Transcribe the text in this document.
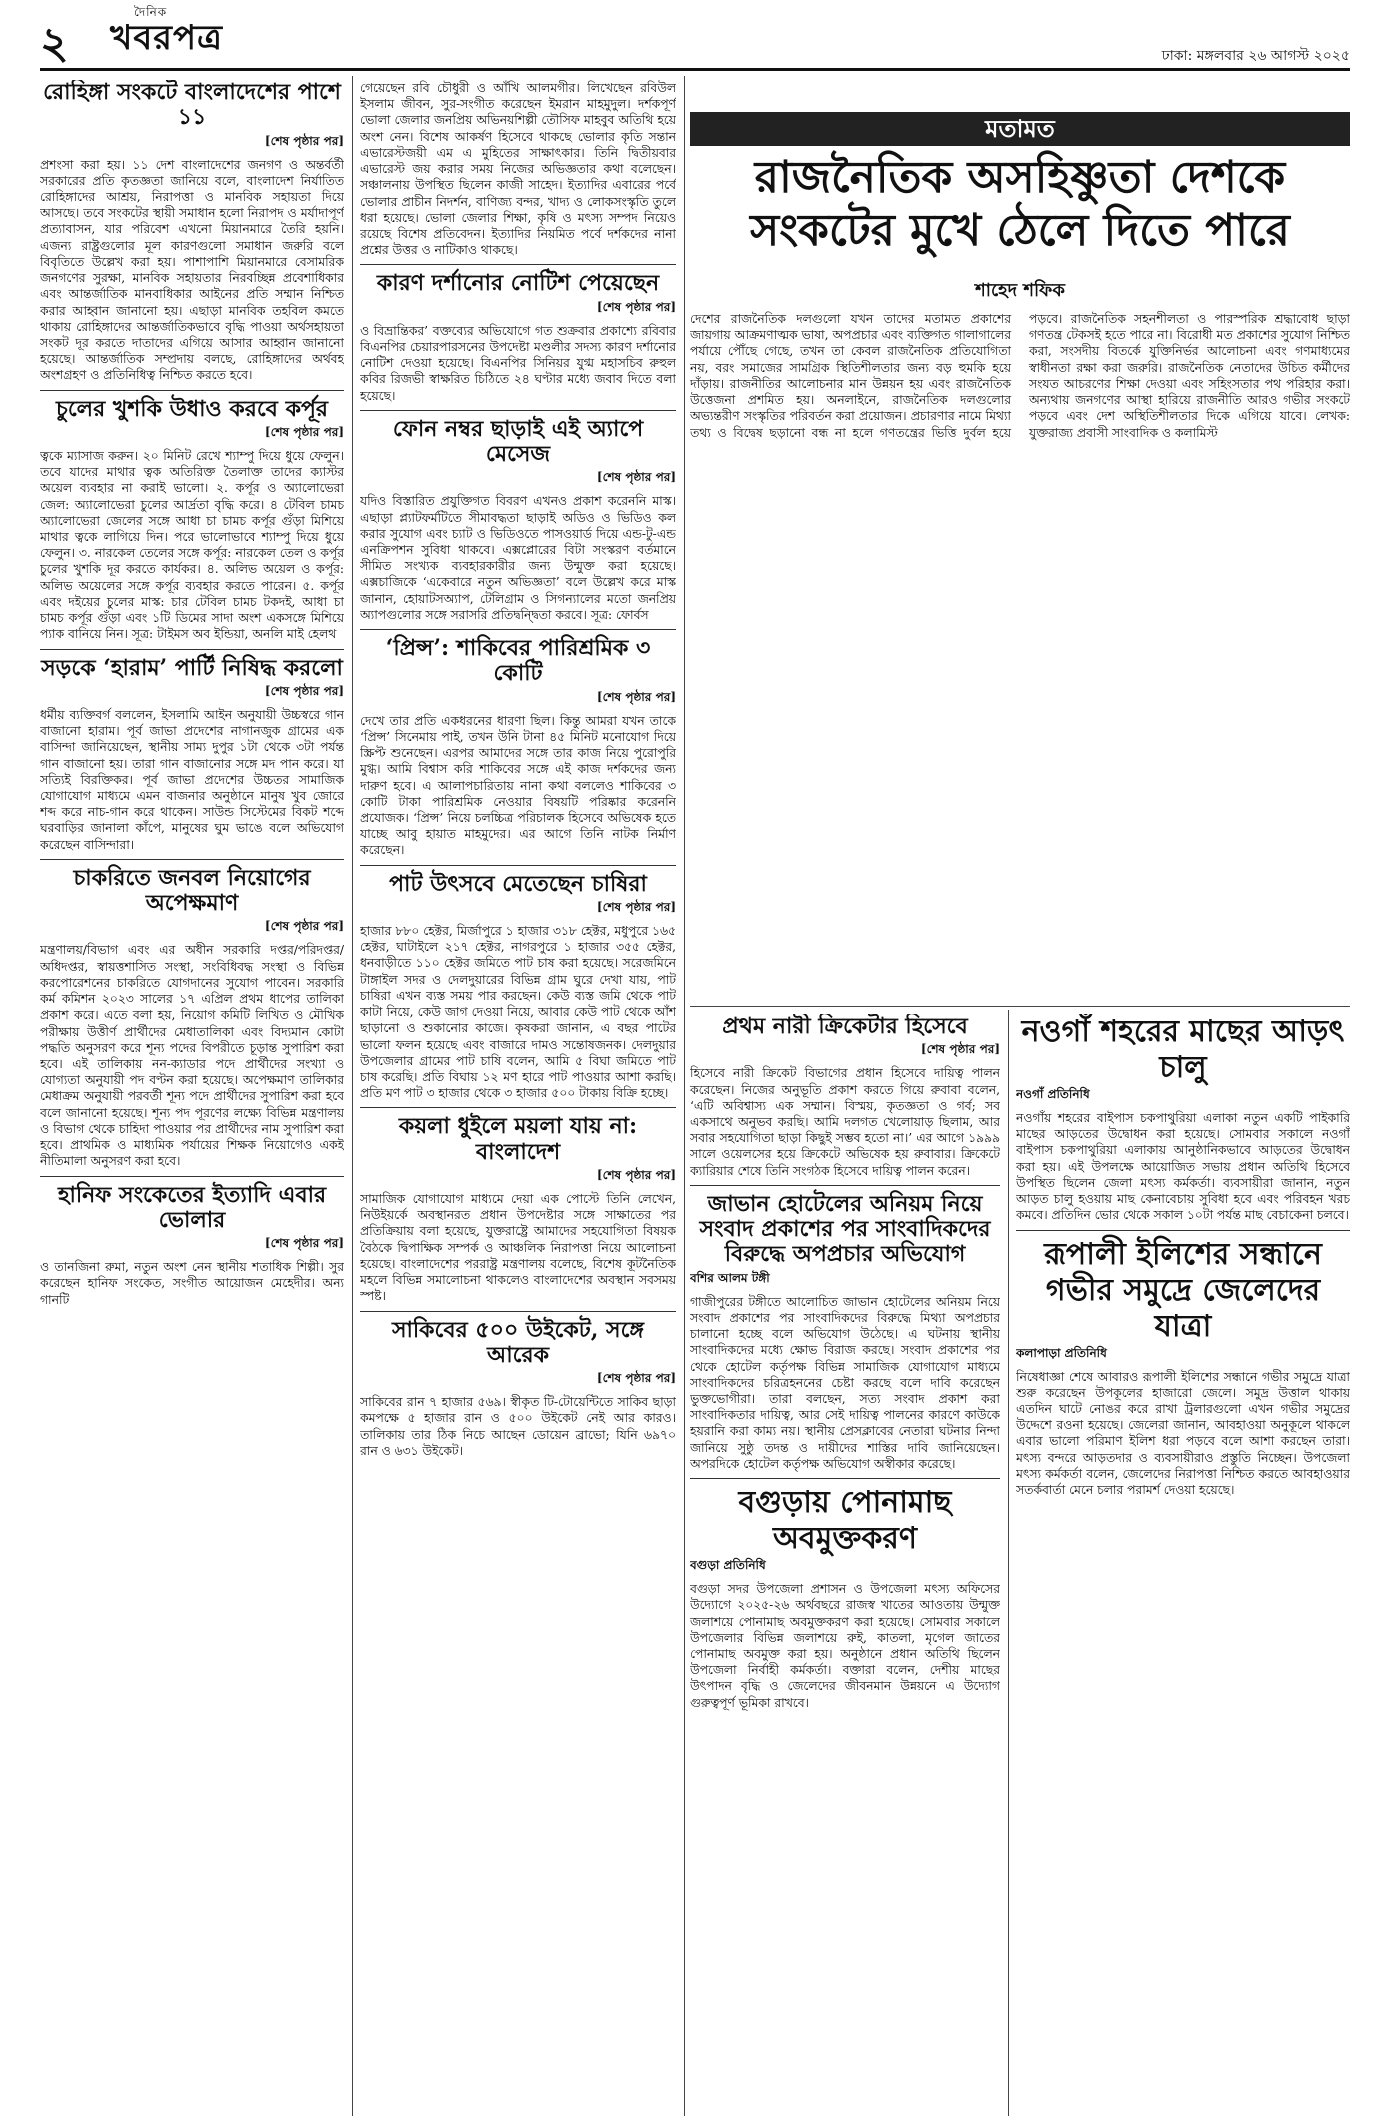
২
দৈনিক
খবরপত্র	ঢাকা: মঙ্গলবার ২৬ আগস্ট ২০২৫
রোহিঙ্গা সংকটে বাংলাদেশের পাশে ১১

[শেষ পৃষ্ঠার পর]

প্রশংসা করা হয়। ১১ দেশ বাংলাদেশের জনগণ ও অন্তর্বর্তী সরকারের প্রতি কৃতজ্ঞতা জানিয়ে বলে, বাংলাদেশ নির্যাতিত রোহিঙ্গাদের আশ্রয়, নিরাপত্তা ও মানবিক সহায়তা দিয়ে আসছে। তবে সংকটের স্থায়ী সমাধান হলো নিরাপদ ও মর্যাদাপূর্ণ প্রত্যাবাসন, যার পরিবেশ এখনো মিয়ানমারে তৈরি হয়নি। এজন্য রাষ্ট্রগুলোর মূল কারণগুলো সমাধান জরুরি বলে বিবৃতিতে উল্লেখ করা হয়। পাশাপাশি মিয়ানমারে বেসামরিক জনগণের সুরক্ষা, মানবিক সহায়তার নিরবচ্ছিন্ন প্রবেশাধিকার এবং আন্তর্জাতিক মানবাধিকার আইনের প্রতি সম্মান নিশ্চিত করার আহ্বান জানানো হয়। এছাড়া মানবিক তহবিল কমতে থাকায় রোহিঙ্গাদের আন্তর্জাতিকভাবে বৃদ্ধি পাওয়া অর্থসহায়তা সংকট দূর করতে দাতাদের এগিয়ে আসার আহ্বান জানানো হয়েছে। আন্তর্জাতিক সম্প্রদায় বলছে, রোহিঙ্গাদের অর্থবহ অংশগ্রহণ ও প্রতিনিধিত্ব নিশ্চিত করতে হবে।

চুলের খুশকি উধাও করবে কর্পূর

[শেষ পৃষ্ঠার পর]

ত্বকে ম্যাসাজ করুন। ২০ মিনিট রেখে শ্যাম্পু দিয়ে ধুয়ে ফেলুন। তবে যাদের মাথার ত্বক অতিরিক্ত তৈলাক্ত তাদের ক্যাস্টর অয়েল ব্যবহার না করাই ভালো। ২. কর্পূর ও অ্যালোভেরা জেল: অ্যালোভেরা চুলের আর্দ্রতা বৃদ্ধি করে। ৪ টেবিল চামচ অ্যালোভেরা জেলের সঙ্গে আধা চা চামচ কর্পূর গুঁড়া মিশিয়ে মাথার ত্বকে লাগিয়ে দিন। পরে ভালোভাবে শ্যাম্পু দিয়ে ধুয়ে ফেলুন। ৩. নারকেল তেলের সঙ্গে কর্পূর: নারকেল তেল ও কর্পূর চুলের খুশকি দূর করতে কার্যকর। ৪. অলিভ অয়েল ও কর্পূর: অলিভ অয়েলের সঙ্গে কর্পূর ব্যবহার করতে পারেন। ৫. কর্পূর এবং দইয়ের চুলের মাস্ক: চার টেবিল চামচ টকদই, আধা চা চামচ কর্পূর গুঁড়া এবং ১টি ডিমের সাদা অংশ একসঙ্গে মিশিয়ে প্যাক বানিয়ে নিন। সূত্র: টাইমস অব ইন্ডিয়া, অনলি মাই হেলথ

সড়কে ‘হারাম’ পার্টি নিষিদ্ধ করলো

[শেষ পৃষ্ঠার পর]

ধর্মীয় ব্যক্তিবর্গ বললেন, ইসলামি আইন অনুযায়ী উচ্চস্বরে গান বাজানো হারাম। পূর্ব জাভা প্রদেশের নাগানজুক গ্রামের এক বাসিন্দা জানিয়েছেন, স্থানীয় সাম্য দুপুর ১টা থেকে ৩টা পর্যন্ত গান বাজানো হয়। তারা গান বাজানোর সঙ্গে মদ পান করে। যা সত্যিই বিরক্তিকর। পূর্ব জাভা প্রদেশের উচ্চতর সামাজিক যোগাযোগ মাধ্যমে এমন বাজনার অনুষ্ঠানে মানুষ খুব জোরে শব্দ করে নাচ-গান করে থাকেন। সাউন্ড সিস্টেমের বিকট শব্দে ঘরবাড়ির জানালা কাঁপে, মানুষের ঘুম ভাঙে বলে অভিযোগ করেছেন বাসিন্দারা।

চাকরিতে জনবল নিয়োগের অপেক্ষমাণ

[শেষ পৃষ্ঠার পর]

মন্ত্রণালয়/বিভাগ এবং এর অধীন সরকারি দপ্তর/পরিদপ্তর/অধিদপ্তর, স্বায়ত্তশাসিত সংস্থা, সংবিধিবদ্ধ সংস্থা ও বিভিন্ন করপোরেশনের চাকরিতে যোগদানের সুযোগ পাবেন। সরকারি কর্ম কমিশন ২০২৩ সালের ১৭ এপ্রিল প্রথম ধাপের তালিকা প্রকাশ করে। এতে বলা হয়, নিয়োগ কমিটি লিখিত ও মৌখিক পরীক্ষায় উত্তীর্ণ প্রার্থীদের মেধাতালিকা এবং বিদ্যমান কোটা পদ্ধতি অনুসরণ করে শূন্য পদের বিপরীতে চূড়ান্ত সুপারিশ করা হবে। এই তালিকায় নন-ক্যাডার পদে প্রার্থীদের সংখ্যা ও যোগ্যতা অনুযায়ী পদ বণ্টন করা হয়েছে। অপেক্ষমাণ তালিকার মেধাক্রম অনুযায়ী পরবর্তী শূন্য পদে প্রার্থীদের সুপারিশ করা হবে বলে জানানো হয়েছে। শূন্য পদ পূরণের লক্ষ্যে বিভিন্ন মন্ত্রণালয় ও বিভাগ থেকে চাহিদা পাওয়ার পর প্রার্থীদের নাম সুপারিশ করা হবে। প্রাথমিক ও মাধ্যমিক পর্যায়ের শিক্ষক নিয়োগেও একই নীতিমালা অনুসরণ করা হবে।

হানিফ সংকেতের ইত্যাদি এবার ভোলার

[শেষ পৃষ্ঠার পর]

ও তানজিনা রুমা, নতুন অংশ নেন স্থানীয় শতাধিক শিল্পী। সুর করেছেন হানিফ সংকেত, সংগীত আয়োজন মেহেদীর। অন্য গানটি

গেয়েছেন রবি চৌধুরী ও আঁখি আলমগীর। লিখেছেন রবিউল ইসলাম জীবন, সুর-সংগীত করেছেন ইমরান মাহমুদুল। দর্শকপূর্ণ ভোলা জেলার জনপ্রিয় অভিনয়শিল্পী তৌসিফ মাহবুব অতিথি হয়ে অংশ নেন। বিশেষ আকর্ষণ হিসেবে থাকছে ভোলার কৃতি সন্তান এভারেস্টজয়ী এম এ মুহিতের সাক্ষাৎকার। তিনি দ্বিতীয়বার এভারেস্ট জয় করার সময় নিজের অভিজ্ঞতার কথা বলেছেন। সঞ্চালনায় উপস্থিত ছিলেন কাজী সাহেদ। ইত্যাদির এবারের পর্বে ভোলার প্রাচীন নিদর্শন, বাণিজ্য বন্দর, খাদ্য ও লোকসংস্কৃতি তুলে ধরা হয়েছে। ভোলা জেলার শিক্ষা, কৃষি ও মৎস্য সম্পদ নিয়েও রয়েছে বিশেষ প্রতিবেদন। ইত্যাদির নিয়মিত পর্বে দর্শকদের নানা প্রশ্নের উত্তর ও নাটিকাও থাকছে।

কারণ দর্শানোর নোটিশ পেয়েছেন

[শেষ পৃষ্ঠার পর]

ও বিভ্রান্তিকর’ বক্তব্যের অভিযোগে গত শুক্রবার প্রকাশ্যে রবিবার বিএনপির চেয়ারপারসনের উপদেষ্টা মণ্ডলীর সদস্য কারণ দর্শানোর নোটিশ দেওয়া হয়েছে। বিএনপির সিনিয়র যুগ্ম মহাসচিব রুহুল কবির রিজভী স্বাক্ষরিত চিঠিতে ২৪ ঘণ্টার মধ্যে জবাব দিতে বলা হয়েছে।

ফোন নম্বর ছাড়াই এই অ্যাপে মেসেজ

[শেষ পৃষ্ঠার পর]

যদিও বিস্তারিত প্রযুক্তিগত বিবরণ এখনও প্রকাশ করেননি মাস্ক। এছাড়া প্ল্যাটফর্মটিতে সীমাবদ্ধতা ছাড়াই অডিও ও ভিডিও কল করার সুযোগ এবং চ্যাট ও ভিডিওতে পাসওয়ার্ড দিয়ে এন্ড-টু-এন্ড এনক্রিপশন সুবিধা থাকবে। এক্সপ্লোরের বিটা সংস্করণ বর্তমানে সীমিত সংখ্যক ব্যবহারকারীর জন্য উন্মুক্ত করা হয়েছে। এক্সচাজিকে ‘একেবারে নতুন অভিজ্ঞতা’ বলে উল্লেখ করে মাস্ক জানান, হোয়াটসঅ্যাপ, টেলিগ্রাম ও সিগন্যালের মতো জনপ্রিয় অ্যাপগুলোর সঙ্গে সরাসরি প্রতিদ্বন্দ্বিতা করবে। সূত্র: ফোর্বস

‘প্রিন্স’: শাকিবের পারিশ্রমিক ৩ কোটি

[শেষ পৃষ্ঠার পর]

দেখে তার প্রতি একধরনের ধারণা ছিল। কিন্তু আমরা যখন তাকে ‘প্রিন্স’ সিনেমায় পাই, তখন উনি টানা ৪৫ মিনিট মনোযোগ দিয়ে স্ক্রিপ্ট শুনেছেন। এরপর আমাদের সঙ্গে তার কাজ নিয়ে পুরোপুরি মুগ্ধ। আমি বিশ্বাস করি শাকিবের সঙ্গে এই কাজ দর্শকদের জন্য দারুণ হবে। এ আলাপচারিতায় নানা কথা বললেও শাকিবের ৩ কোটি টাকা পারিশ্রমিক নেওয়ার বিষয়টি পরিষ্কার করেননি প্রযোজক। ‘প্রিন্স’ নিয়ে চলচ্চিত্র পরিচালক হিসেবে অভিষেক হতে যাচ্ছে আবু হায়াত মাহমুদের। এর আগে তিনি নাটক নির্মাণ করেছেন।

পাট উৎসবে মেতেছেন চাষিরা

[শেষ পৃষ্ঠার পর]

হাজার ৮৮০ হেক্টর, মির্জাপুরে ১ হাজার ৩১৮ হেক্টর, মধুপুরে ১৬৫ হেক্টর, ঘাটাইলে ২১৭ হেক্টর, নাগরপুরে ১ হাজার ৩৫৫ হেক্টর, ধনবাড়ীতে ১১০ হেক্টর জমিতে পাট চাষ করা হয়েছে। সরেজমিনে টাঙ্গাইল সদর ও দেলদুয়ারের বিভিন্ন গ্রাম ঘুরে দেখা যায়, পাট চাষিরা এখন ব্যস্ত সময় পার করছেন। কেউ ব্যস্ত জমি থেকে পাট কাটা নিয়ে, কেউ জাগ দেওয়া নিয়ে, আবার কেউ পাট থেকে আঁশ ছাড়ানো ও শুকানোর কাজে। কৃষকরা জানান, এ বছর পাটের ভালো ফলন হয়েছে এবং বাজারে দামও সন্তোষজনক। দেলদুয়ার উপজেলার গ্রামের পাট চাষি বলেন, আমি ৫ বিঘা জমিতে পাট চাষ করেছি। প্রতি বিঘায় ১২ মণ হারে পাট পাওয়ার আশা করছি। প্রতি মণ পাট ৩ হাজার থেকে ৩ হাজার ৫০০ টাকায় বিক্রি হচ্ছে।

কয়লা ধুইলে ময়লা যায় না: বাংলাদেশ

[শেষ পৃষ্ঠার পর]

সামাজিক যোগাযোগ মাধ্যমে দেয়া এক পোস্টে তিনি লেখেন, নিউইয়র্কে অবস্থানরত প্রধান উপদেষ্টার সঙ্গে সাক্ষাতের পর প্রতিক্রিয়ায় বলা হয়েছে, যুক্তরাষ্ট্রে আমাদের সহযোগিতা বিষয়ক বৈঠকে দ্বিপাক্ষিক সম্পর্ক ও আঞ্চলিক নিরাপত্তা নিয়ে আলোচনা হয়েছে। বাংলাদেশের পররাষ্ট্র মন্ত্রণালয় বলেছে, বিশেষ কূটনৈতিক মহলে বিভিন্ন সমালোচনা থাকলেও বাংলাদেশের অবস্থান সবসময় স্পষ্ট।

সাকিবের ৫০০ উইকেট, সঙ্গে আরেক

[শেষ পৃষ্ঠার পর]

সাকিবের রান ৭ হাজার ৫৬৯। স্বীকৃত টি-টোয়েন্টিতে সাকিব ছাড়া কমপক্ষে ৫ হাজার রান ও ৫০০ উইকেট নেই আর কারও। তালিকায় তার ঠিক নিচে আছেন ডোয়েন ব্রাভো; যিনি ৬৯৭০ রান ও ৬৩১ উইকেট।

মতামত
রাজনৈতিক অসহিষ্ণুতা দেশকে সংকটের মুখে ঠেলে দিতে পারে
শাহেদ শফিক

দেশের রাজনৈতিক দলগুলো যখন তাদের মতামত প্রকাশের জায়গায় আক্রমণাত্মক ভাষা, অপপ্রচার এবং ব্যক্তিগত গালাগালের পর্যায়ে পৌঁছে গেছে, তখন তা কেবল রাজনৈতিক প্রতিযোগিতা নয়, বরং সমাজের সামগ্রিক স্থিতিশীলতার জন্য বড় হুমকি হয়ে দাঁড়ায়। রাজনীতির আলোচনার মান উন্নয়ন হয় এবং রাজনৈতিক উত্তেজনা প্রশমিত হয়। অনলাইনে, রাজনৈতিক দলগুলোর অভ্যন্তরীণ সংস্কৃতির পরিবর্তন করা প্রয়োজন। প্রচারণার নামে মিথ্যা তথ্য ও বিদ্বেষ ছড়ানো বন্ধ না হলে গণতন্ত্রের ভিত্তি দুর্বল হয়ে পড়বে। রাজনৈতিক সহনশীলতা ও পারস্পরিক শ্রদ্ধাবোধ ছাড়া গণতন্ত্র টেকসই হতে পারে না। বিরোধী মত প্রকাশের সুযোগ নিশ্চিত করা, সংসদীয় বিতর্কে যুক্তিনির্ভর আলোচনা এবং গণমাধ্যমের স্বাধীনতা রক্ষা করা জরুরি। রাজনৈতিক নেতাদের উচিত কর্মীদের সংযত আচরণের শিক্ষা দেওয়া এবং সহিংসতার পথ পরিহার করা। অন্যথায় জনগণের আস্থা হারিয়ে রাজনীতি আরও গভীর সংকটে পড়বে এবং দেশ অস্থিতিশীলতার দিকে এগিয়ে যাবে। লেখক: যুক্তরাজ্য প্রবাসী সাংবাদিক ও কলামিস্ট

প্রথম নারী ক্রিকেটার হিসেবে

[শেষ পৃষ্ঠার পর]

হিসেবে নারী ক্রিকেট বিভাগের প্রধান হিসেবে দায়িত্ব পালন করেছেন। নিজের অনুভূতি প্রকাশ করতে গিয়ে রুবাবা বলেন, ‘এটি অবিশ্বাস্য এক সম্মান। বিস্ময়, কৃতজ্ঞতা ও গর্ব; সব একসাথে অনুভব করছি। আমি দলগত খেলোয়াড় ছিলাম, আর সবার সহযোগিতা ছাড়া কিছুই সম্ভব হতো না।’ এর আগে ১৯৯৯ সালে ওয়েলসের হয়ে ক্রিকেটে অভিষেক হয় রুবাবার। ক্রিকেটে ক্যারিয়ার শেষে তিনি সংগঠক হিসেবে দায়িত্ব পালন করেন।

জাভান হোটেলের অনিয়ম নিয়ে সংবাদ প্রকাশের পর সাংবাদিকদের বিরুদ্ধে অপপ্রচার অভিযোগ

বশির আলম টঙ্গী

গাজীপুরের টঙ্গীতে আলোচিত জাভান হোটেলের অনিয়ম নিয়ে সংবাদ প্রকাশের পর সাংবাদিকদের বিরুদ্ধে মিথ্যা অপপ্রচার চালানো হচ্ছে বলে অভিযোগ উঠেছে। এ ঘটনায় স্থানীয় সাংবাদিকদের মধ্যে ক্ষোভ বিরাজ করছে। সংবাদ প্রকাশের পর থেকে হোটেল কর্তৃপক্ষ বিভিন্ন সামাজিক যোগাযোগ মাধ্যমে সাংবাদিকদের চরিত্রহননের চেষ্টা করছে বলে দাবি করেছেন ভুক্তভোগীরা। তারা বলছেন, সত্য সংবাদ প্রকাশ করা সাংবাদিকতার দায়িত্ব, আর সেই দায়িত্ব পালনের কারণে কাউকে হয়রানি করা কাম্য নয়। স্থানীয় প্রেসক্লাবের নেতারা ঘটনার নিন্দা জানিয়ে সুষ্ঠু তদন্ত ও দায়ীদের শাস্তির দাবি জানিয়েছেন। অপরদিকে হোটেল কর্তৃপক্ষ অভিযোগ অস্বীকার করেছে।

বগুড়ায় পোনামাছ অবমুক্তকরণ

বগুড়া প্রতিনিধি

বগুড়া সদর উপজেলা প্রশাসন ও উপজেলা মৎস্য অফিসের উদ্যোগে ২০২৫-২৬ অর্থবছরে রাজস্ব খাতের আওতায় উন্মুক্ত জলাশয়ে পোনামাছ অবমুক্তকরণ করা হয়েছে। সোমবার সকালে উপজেলার বিভিন্ন জলাশয়ে রুই, কাতলা, মৃগেল জাতের পোনামাছ অবমুক্ত করা হয়। অনুষ্ঠানে প্রধান অতিথি ছিলেন উপজেলা নির্বাহী কর্মকর্তা। বক্তারা বলেন, দেশীয় মাছের উৎপাদন বৃদ্ধি ও জেলেদের জীবনমান উন্নয়নে এ উদ্যোগ গুরুত্বপূর্ণ ভূমিকা রাখবে।

নওগাঁ শহরের মাছের আড়ৎ চালু

নওগাঁ প্রতিনিধি

নওগাঁয় শহরের বাইপাস চকপাথুরিয়া এলাকা নতুন একটি পাইকারি মাছের আড়তের উদ্বোধন করা হয়েছে। সোমবার সকালে নওগাঁ বাইপাস চকপাথুরিয়া এলাকায় আনুষ্ঠানিকভাবে আড়তের উদ্বোধন করা হয়। এই উপলক্ষে আয়োজিত সভায় প্রধান অতিথি হিসেবে উপস্থিত ছিলেন জেলা মৎস্য কর্মকর্তা। ব্যবসায়ীরা জানান, নতুন আড়ত চালু হওয়ায় মাছ কেনাবেচায় সুবিধা হবে এবং পরিবহন খরচ কমবে। প্রতিদিন ভোর থেকে সকাল ১০টা পর্যন্ত মাছ বেচাকেনা চলবে।

রূপালী ইলিশের সন্ধানে গভীর সমুদ্রে জেলেদের যাত্রা

কলাপাড়া প্রতিনিধি

নিষেধাজ্ঞা শেষে আবারও রূপালী ইলিশের সন্ধানে গভীর সমুদ্রে যাত্রা শুরু করেছেন উপকূলের হাজারো জেলে। সমুদ্র উত্তাল থাকায় এতদিন ঘাটে নোঙর করে রাখা ট্রলারগুলো এখন গভীর সমুদ্রের উদ্দেশে রওনা হয়েছে। জেলেরা জানান, আবহাওয়া অনুকূলে থাকলে এবার ভালো পরিমাণ ইলিশ ধরা পড়বে বলে আশা করছেন তারা। মৎস্য বন্দরে আড়তদার ও ব্যবসায়ীরাও প্রস্তুতি নিচ্ছেন। উপজেলা মৎস্য কর্মকর্তা বলেন, জেলেদের নিরাপত্তা নিশ্চিত করতে আবহাওয়ার সতর্কবার্তা মেনে চলার পরামর্শ দেওয়া হয়েছে।
